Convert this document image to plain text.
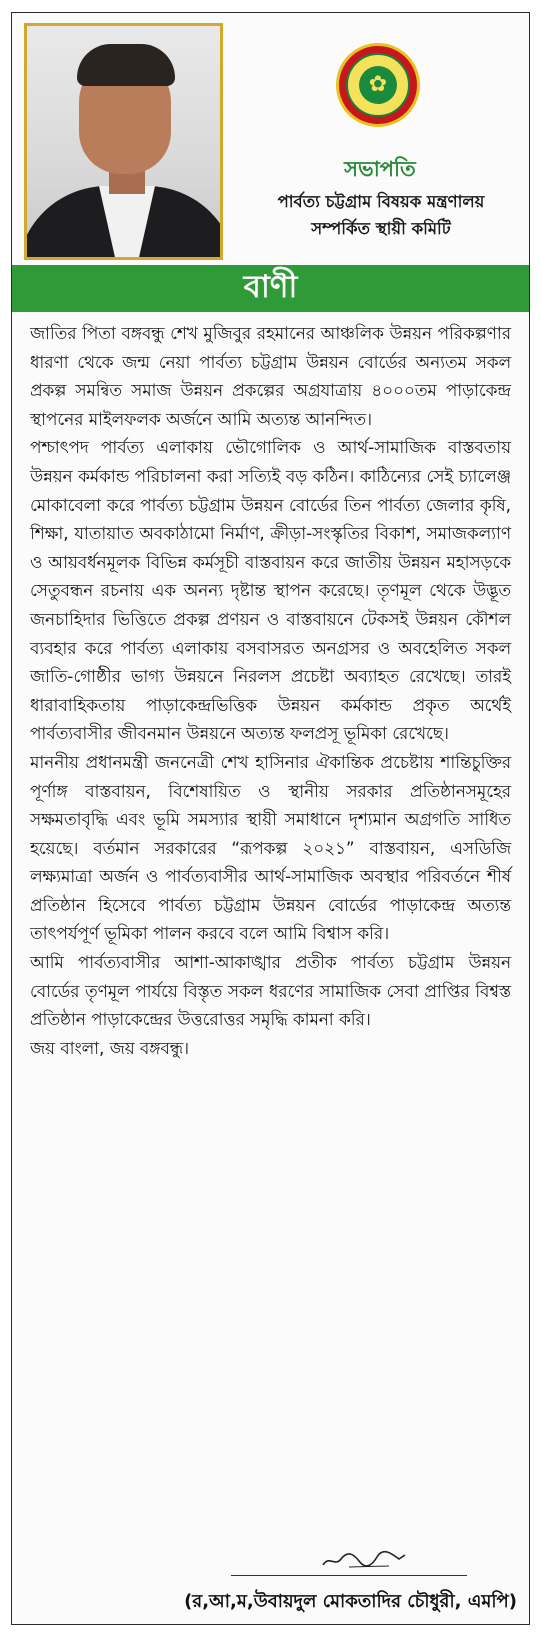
✿
সভাপতি
পার্বত্য চট্টগ্রাম বিষয়ক মন্ত্রণালয়
সম্পর্কিত স্থায়ী কমিটি
বাণী

জাতির পিতা বঙ্গবন্ধু শেখ মুজিবুর রহমানের আঞ্চলিক উন্নয়ন পরিকল্পণার ধারণা থেকে জন্ম নেয়া পার্বত্য চট্টগ্রাম উন্নয়ন বোর্ডের অন্যতম সকল প্রকল্প সমন্বিত সমাজ উন্নয়ন প্রকল্পের অগ্রযাত্রায় ৪০০০তম পাড়াকেন্দ্র স্থাপনের মাইলফলক অর্জনে আমি অত্যন্ত আনন্দিত।

পশ্চাৎপদ পার্বত্য এলাকায় ভৌগোলিক ও আর্থ-সামাজিক বাস্তবতায় উন্নয়ন কর্মকান্ড পরিচালনা করা সত্যিই বড় কঠিন। কাঠিন্যের সেই চ্যালেঞ্জ মোকাবেলা করে পার্বত্য চট্টগ্রাম উন্নয়ন বোর্ডের তিন পার্বত্য জেলার কৃষি, শিক্ষা, যাতায়াত অবকাঠামো নির্মাণ, ক্রীড়া-সংস্কৃতির বিকাশ, সমাজকল্যাণ ও আয়বর্ধনমূলক বিভিন্ন কর্মসূচী বাস্তবায়ন করে জাতীয় উন্নয়ন মহাসড়কে সেতুবন্ধন রচনায় এক অনন্য দৃষ্টান্ত স্থাপন করেছে। তৃণমূল থেকে উদ্ভূত জনচাহিদার ভিত্তিতে প্রকল্প প্রণয়ন ও বাস্তবায়নে টেকসই উন্নয়ন কৌশল ব্যবহার করে পার্বত্য এলাকায় বসবাসরত অনগ্রসর ও অবহেলিত সকল জাতি-গোষ্ঠীর ভাগ্য উন্নয়নে নিরলস প্রচেষ্টা অব্যাহত রেখেছে। তারই ধারাবাহিকতায় পাড়াকেন্দ্রভিত্তিক উন্নয়ন কর্মকান্ড প্রকৃত অর্থেই পার্বত্যবাসীর জীবনমান উন্নয়নে অত্যন্ত ফলপ্রসূ ভূমিকা রেখেছে।

মাননীয় প্রধানমন্ত্রী জননেত্রী শেখ হাসিনার ঐকান্তিক প্রচেষ্টায় শান্তিচুক্তির পূর্ণাঙ্গ বাস্তবায়ন, বিশেষায়িত ও স্থানীয় সরকার প্রতিষ্ঠানসমূহের সক্ষমতাবৃদ্ধি এবং ভূমি সমস্যার স্থায়ী সমাধানে দৃশ্যমান অগ্রগতি সাধিত হয়েছে। বর্তমান সরকারের “রূপকল্প ২০২১” বাস্তবায়ন, এসডিজি লক্ষ্যমাত্রা অর্জন ও পার্বত্যবাসীর আর্থ-সামাজিক অবস্থার পরিবর্তনে শীর্ষ প্রতিষ্ঠান হিসেবে পার্বত্য চট্টগ্রাম উন্নয়ন বোর্ডের পাড়াকেন্দ্র অত্যন্ত তাৎপর্যপূর্ণ ভূমিকা পালন করবে বলে আমি বিশ্বাস করি।

আমি পার্বত্যবাসীর আশা-আকাঙ্খার প্রতীক পার্বত্য চট্টগ্রাম উন্নয়ন বোর্ডের তৃণমূল পার্যয়ে বিস্তৃত সকল ধরণের সামাজিক সেবা প্রাপ্তির বিশ্বস্ত প্রতিষ্ঠান পাড়াকেন্দ্রের উত্তরোত্তর সমৃদ্ধি কামনা করি।

জয় বাংলা, জয় বঙ্গবন্ধু।

(র,আ,ম,উবায়দুল মোকতাদির চৌধুরী, এমপি)
